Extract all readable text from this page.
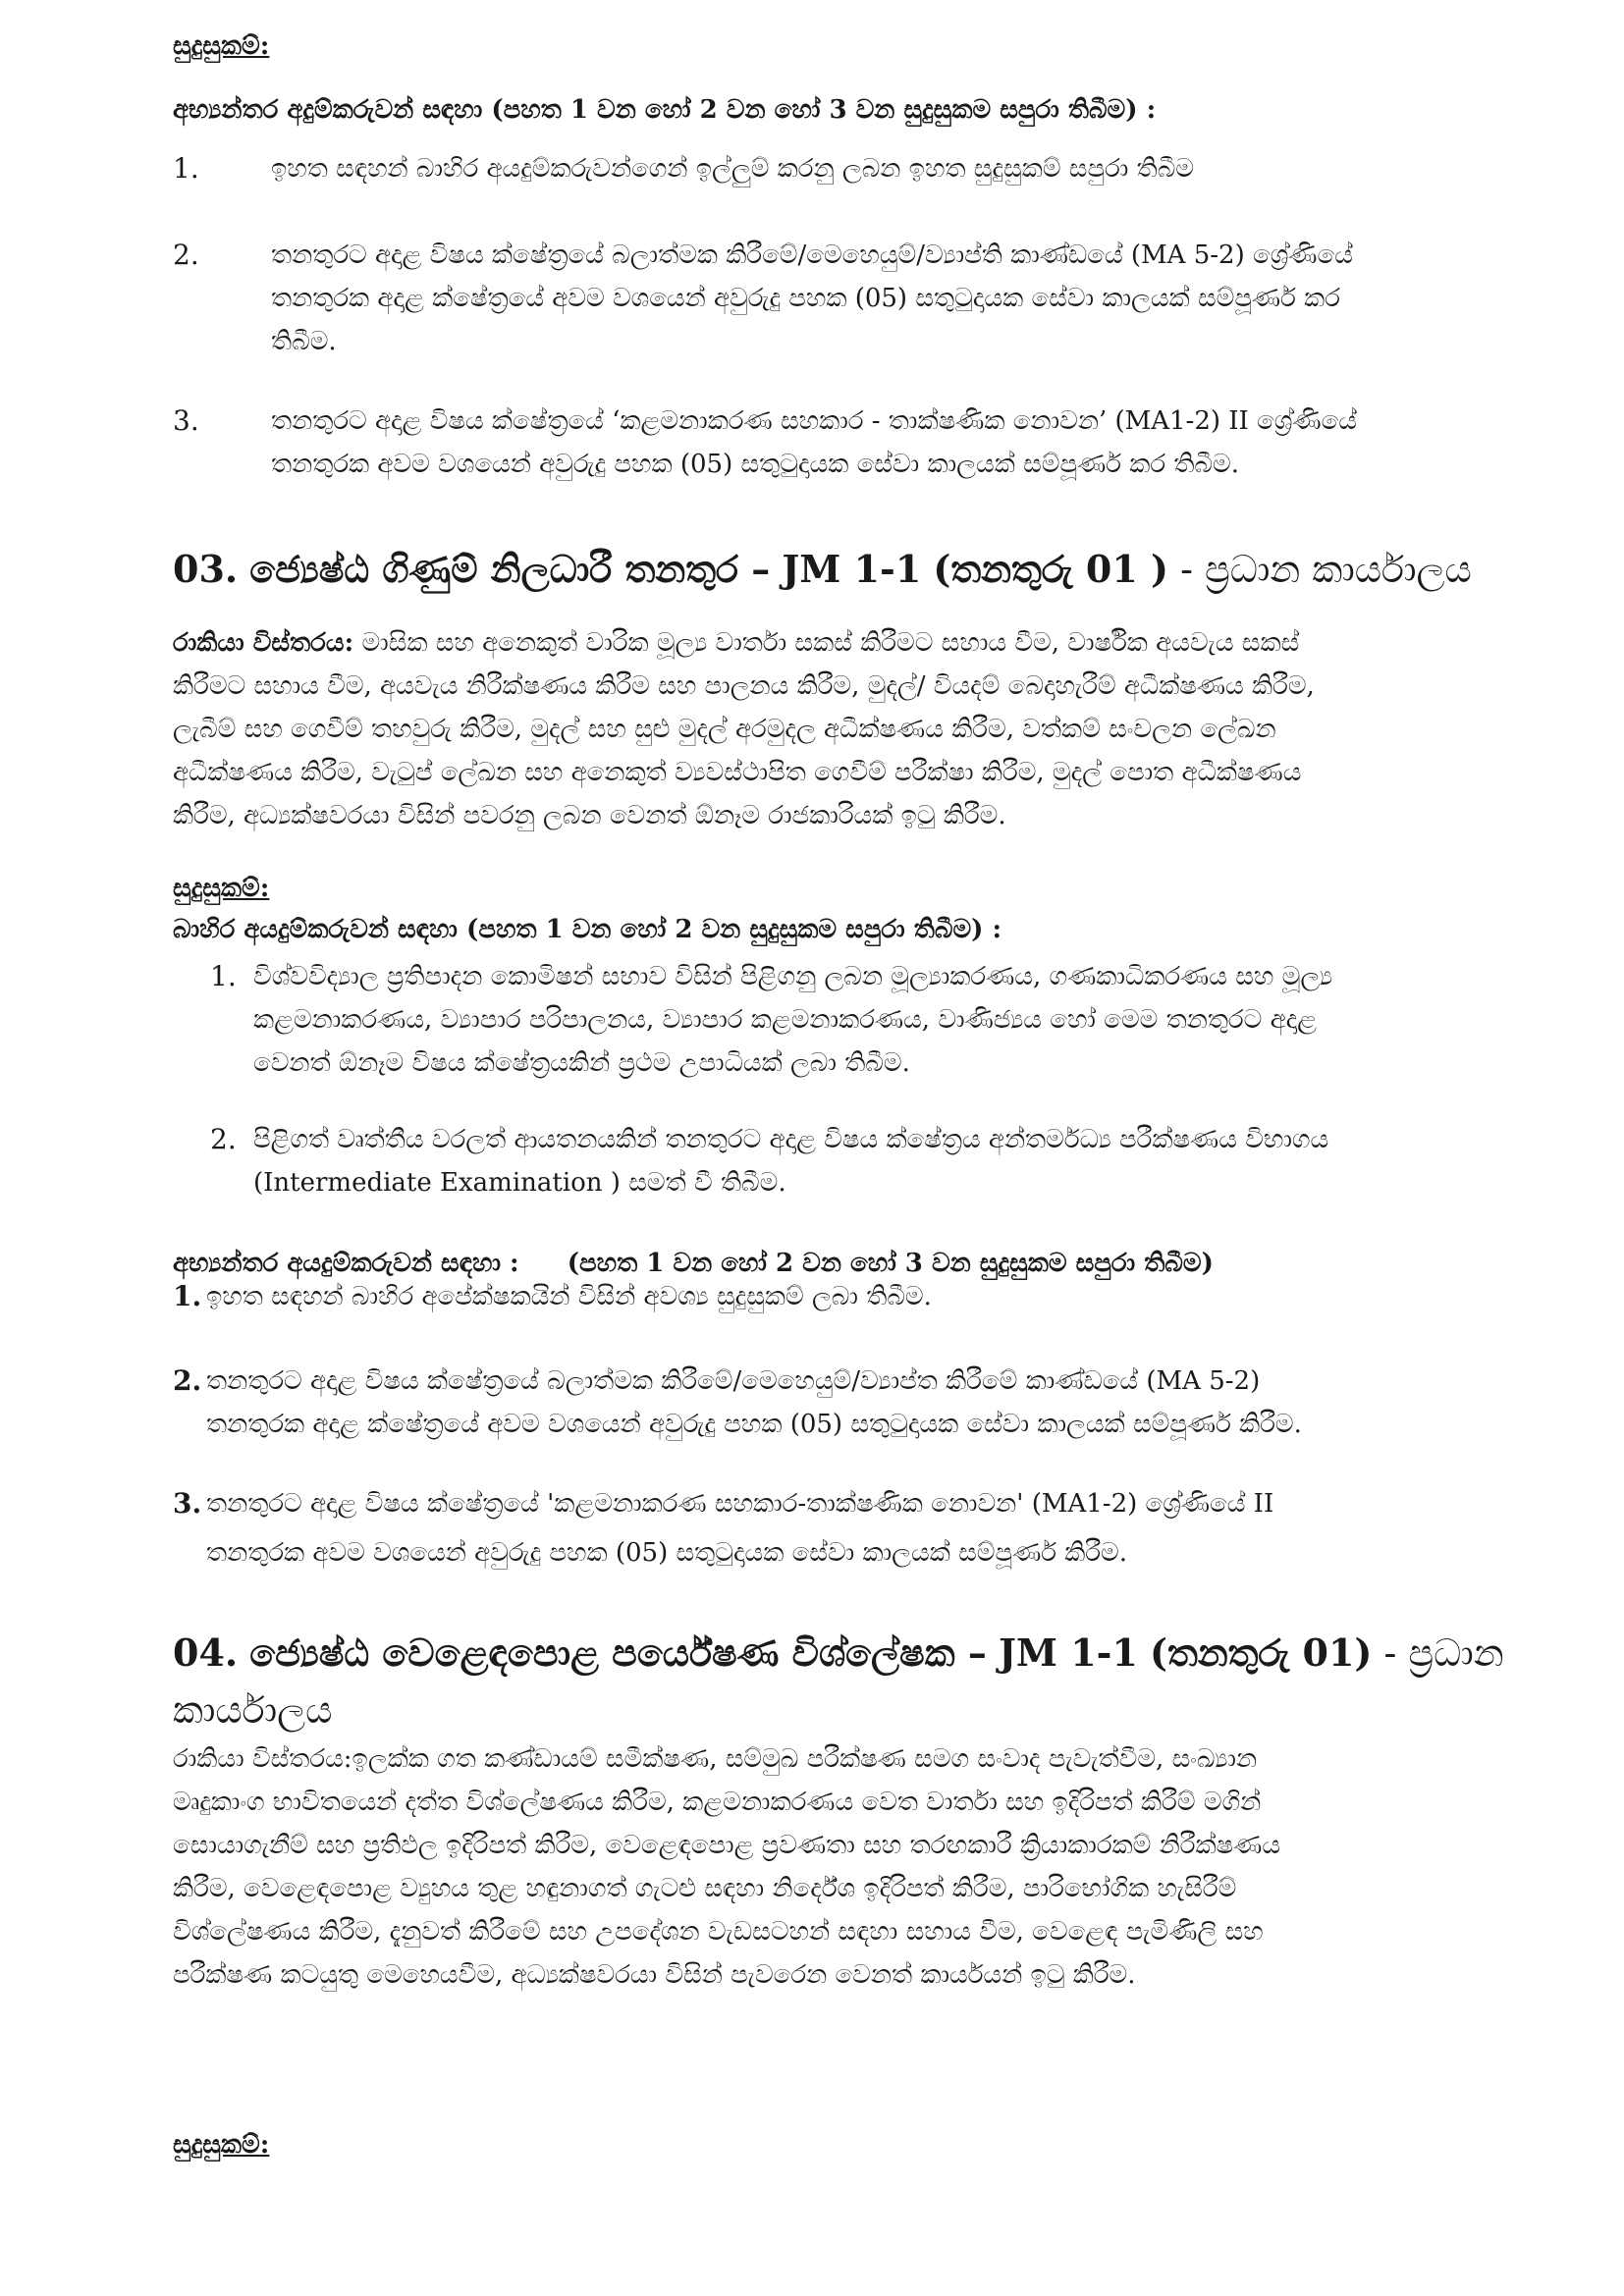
සුදුසුකම්:

අභ්‍යන්තර අදුම්කරුවන් සඳහා (පහත 1 වන හෝ 2 වන හෝ 3 වන සුදුසුකම සපුරා තිබීම) :

1.	ඉහත සඳහන් බාහිර අයදුම්කරුවන්ගෙන් ඉල්ලුම් කරනු ලබන ඉහත සුදුසුකම් සපුරා තිබීම

2.	තනතුරට අදාළ විෂය ක්ෂේත්‍රයේ බලාත්මක කිරීමේ/මෙහෙයුම්/ව්‍යාප්ති කාණ්ඩයේ (MA 5-2) ශ්‍රේණියේ

තනතුරක අදාළ ක්ෂේත්‍රයේ අවම වශයෙන් අවුරුදු පහක (05) සතුටුදායක සේවා කාලයක් සම්පූර්ණ කර

තිබීම.

3.	තනතුරට අදාළ විෂය ක්ෂේත්‍රයේ ‘කළමනාකරණ සහකාර - තාක්ෂණික නොවන’ (MA1-2) II ශ්‍රේණියේ

තනතුරක අවම වශයෙන් අවුරුදු පහක (05) සතුටුදායක සේවා කාලයක් සම්පූර්ණ කර තිබීම.

03. ජ්‍යෙෂ්ඨ ගිණුම් නිලධාරී තනතුර – JM 1-1 (තනතුරු 01 ) - ප්‍රධාන කාර්යාලය

රාකියා විස්තරය: මාසික සහ අනෙකුත් වාරික මූල්‍ය වාර්තා සකස් කිරීමට සහාය වීම, වාර්ෂික අයවැය සකස්

කිරීමට සහාය වීම, අයවැය නිරීක්ෂණය කිරීම සහ පාලනය කිරීම, මුදල්/ වියදම් බෙදාහැරීම් අධීක්ෂණය කිරීම,

ලැබීම් සහ ගෙවීම් තහවුරු කිරීම, මුදල් සහ සුළු මුදල් අරමුදල අධීක්ෂණය කිරීම, වත්කම් සංචලන ලේඛන

අධීක්ෂණය කිරීම, වැටුප් ලේඛන සහ අනෙකුත් ව්‍යවස්ථාපිත ගෙවීම් පරීක්ෂා කිරීම, මුදල් පොත අධීක්ෂණය

කිරීම, අධ්‍යක්ෂවරයා විසින් පවරනු ලබන වෙනත් ඕනෑම රාජකාරියක් ඉටු කිරීම.

සුදුසුකම්:

බාහිර අයදුම්කරුවන් සඳහා (පහත 1 වන හෝ 2 වන සුදුසුකම සපුරා තිබීම) :

1. විශ්වවිද්‍යාල ප්‍රතිපාදන කොමිෂන් සභාව විසින් පිළිගනු ලබන මූල්‍යාකරණය, ගණකාධිකරණය සහ මූල්‍ය

කළමනාකරණය, ව්‍යාපාර පරිපාලනය, ව්‍යාපාර කළමනාකරණය, වාණිජ්‍යය හෝ මෙම තනතුරට අදාළ

වෙනත් ඕනෑම විෂය ක්ෂේත්‍රයකින් ප්‍රථම උපාධියක් ලබා තිබීම.

2. පිළිගත් වෘත්තීය වරලත් ආයතනයකින් තනතුරට අදාළ විෂය ක්ෂේත්‍රය අන්තර්මධ්‍ය පරීක්ෂණය විභාගය

(Intermediate Examination ) සමත් වී තිබීම.

අභ්‍යන්තර අයදුම්කරුවන් සඳහා : (පහත 1 වන හෝ 2 වන හෝ 3 වන සුදුසුකම සපුරා තිබීම)

1. ඉහත සඳහන් බාහිර අපේක්ෂකයින් විසින් අවශ්‍ය සුදුසුකම් ලබා තිබීම.

2. තනතුරට අදාළ විෂය ක්ෂේත්‍රයේ බලාත්මක කිරීමේ/මෙහෙයුම්/ව්‍යාප්ත කිරීමේ කාණ්ඩයේ (MA 5-2)

තනතුරක අදාළ ක්ෂේත්‍රයේ අවම වශයෙන් අවුරුදු පහක (05) සතුටුදායක සේවා කාලයක් සම්පූර්ණ කිරීම.

3. තනතුරට අදාළ විෂය ක්ෂේත්‍රයේ 'කළමනාකරණ සහකාර-තාක්ෂණික නොවන' (MA1-2) ශ්‍රේණියේ II

තනතුරක අවම වශයෙන් අවුරුදු පහක (05) සතුටුදායක සේවා කාලයක් සම්පූර්ණ කිරීම.

04. ජ්‍යෙෂ්ඨ වෙළෙඳපොළ පර්යේෂණ විශ්ලේෂක – JM 1-1 (තනතුරු 01) - ප්‍රධාන

කාර්යාලය

රාකියා විස්තරය:ඉලක්ක ගත කණ්ඩායම් සමීක්ෂණ, සම්මුඛ පරීක්ෂණ සමග සංවාද පැවැත්වීම, සංඛ්‍යාන

මෘදුකාංග භාවිතයෙන් දත්ත විශ්ලේෂණය කිරීම, කළමනාකරණය වෙත වාර්තා සහ ඉදිරිපත් කිරීම් මගින්

සොයාගැනීම් සහ ප්‍රතිඵල ඉදිරිපත් කිරීම, වෙළෙඳපොළ ප්‍රවණතා සහ තරඟකාරී ක්‍රියාකාරකම් නිරීක්ෂණය

කිරීම, වෙළෙඳපොළ ව්‍යුහය තුළ හඳුනාගත් ගැටළු සඳහා නිර්දේශ ඉදිරිපත් කිරීම, පාරිභෝගික හැසිරීම්

විශ්ලේෂණය කිරීම, දැනුවත් කිරීමේ සහ උපදේශන වැඩසටහන් සඳහා සහාය වීම, වෙළෙඳ පැමිණිලි සහ

පරීක්ෂණ කටයුතු මෙහෙයවීම, අධ්‍යක්ෂවරයා විසින් පැවරෙන වෙනත් කාර්යයන් ඉටු කිරීම.

සුදුසුකම්:
